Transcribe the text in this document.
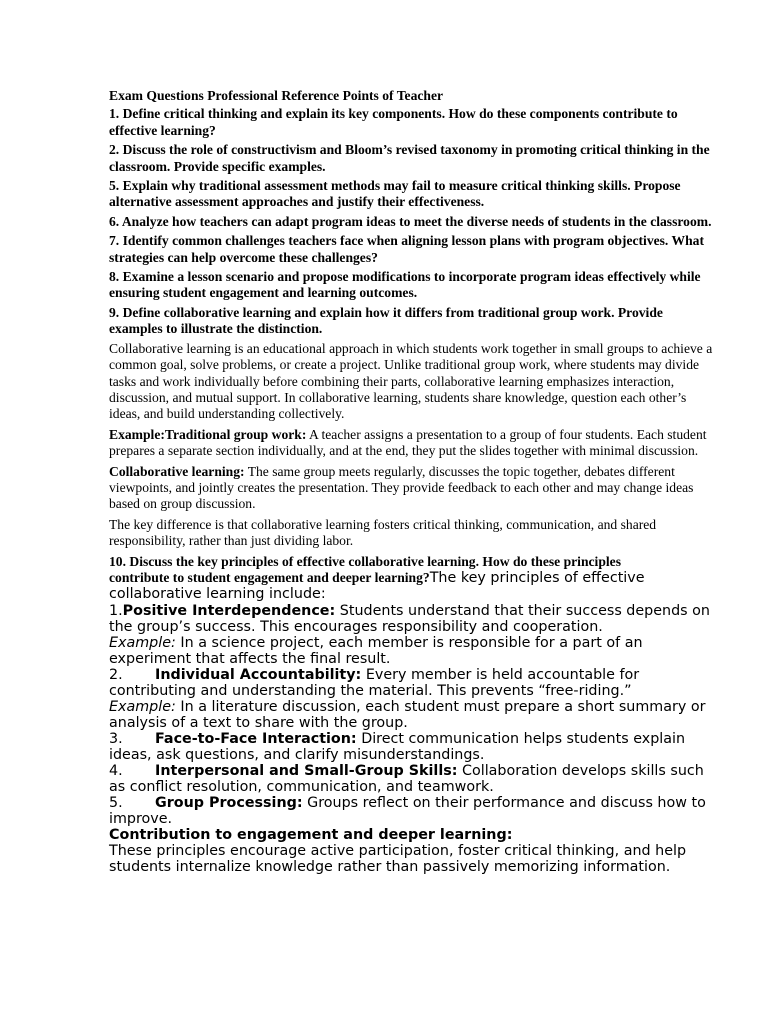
Exam Questions Professional Reference Points of Teacher

1. Define critical thinking and explain its key components. How do these components contribute to effective learning?

2. Discuss the role of constructivism and Bloom’s revised taxonomy in promoting critical thinking in the classroom. Provide specific examples.

5. Explain why traditional assessment methods may fail to measure critical thinking skills. Propose alternative assessment approaches and justify their effectiveness.

6. Analyze how teachers can adapt program ideas to meet the diverse needs of students in the classroom.

7. Identify common challenges teachers face when aligning lesson plans with program objectives. What strategies can help overcome these challenges?

8. Examine a lesson scenario and propose modifications to incorporate program ideas effectively while ensuring student engagement and learning outcomes.

9. Define collaborative learning and explain how it differs from traditional group work. Provide examples to illustrate the distinction.

Collaborative learning is an educational approach in which students work together in small groups to achieve a common goal, solve problems, or create a project. Unlike traditional group work, where students may divide tasks and work individually before combining their parts, collaborative learning emphasizes interaction, discussion, and mutual support. In collaborative learning, students share knowledge, question each other’s ideas, and build understanding collectively.

Example:Traditional group work: A teacher assigns a presentation to a group of four students. Each student prepares a separate section individually, and at the end, they put the slides together with minimal discussion.

Collaborative learning: The same group meets regularly, discusses the topic together, debates different viewpoints, and jointly creates the presentation. They provide feedback to each other and may change ideas based on group discussion.

The key difference is that collaborative learning fosters critical thinking, communication, and shared responsibility, rather than just dividing labor.

10. Discuss the key principles of effective collaborative learning. How do these principles
contribute to student engagement and deeper learning?The key principles of effective collaborative learning include:

1.Positive Interdependence: Students understand that their success depends on the group’s success. This encourages responsibility and cooperation.
Example: In a science project, each member is responsible for a part of an experiment that affects the final result.

2. Individual Accountability: Every member is held accountable for contributing and understanding the material. This prevents “free-riding.”
Example: In a literature discussion, each student must prepare a short summary or analysis of a text to share with the group.

3. Face-to-Face Interaction: Direct communication helps students explain ideas, ask questions, and clarify misunderstandings.

4. Interpersonal and Small-Group Skills: Collaboration develops skills such as conflict resolution, communication, and teamwork.

5. Group Processing: Groups reflect on their performance and discuss how to improve.

Contribution to engagement and deeper learning:

These principles encourage active participation, foster critical thinking, and help students internalize knowledge rather than passively memorizing information.
